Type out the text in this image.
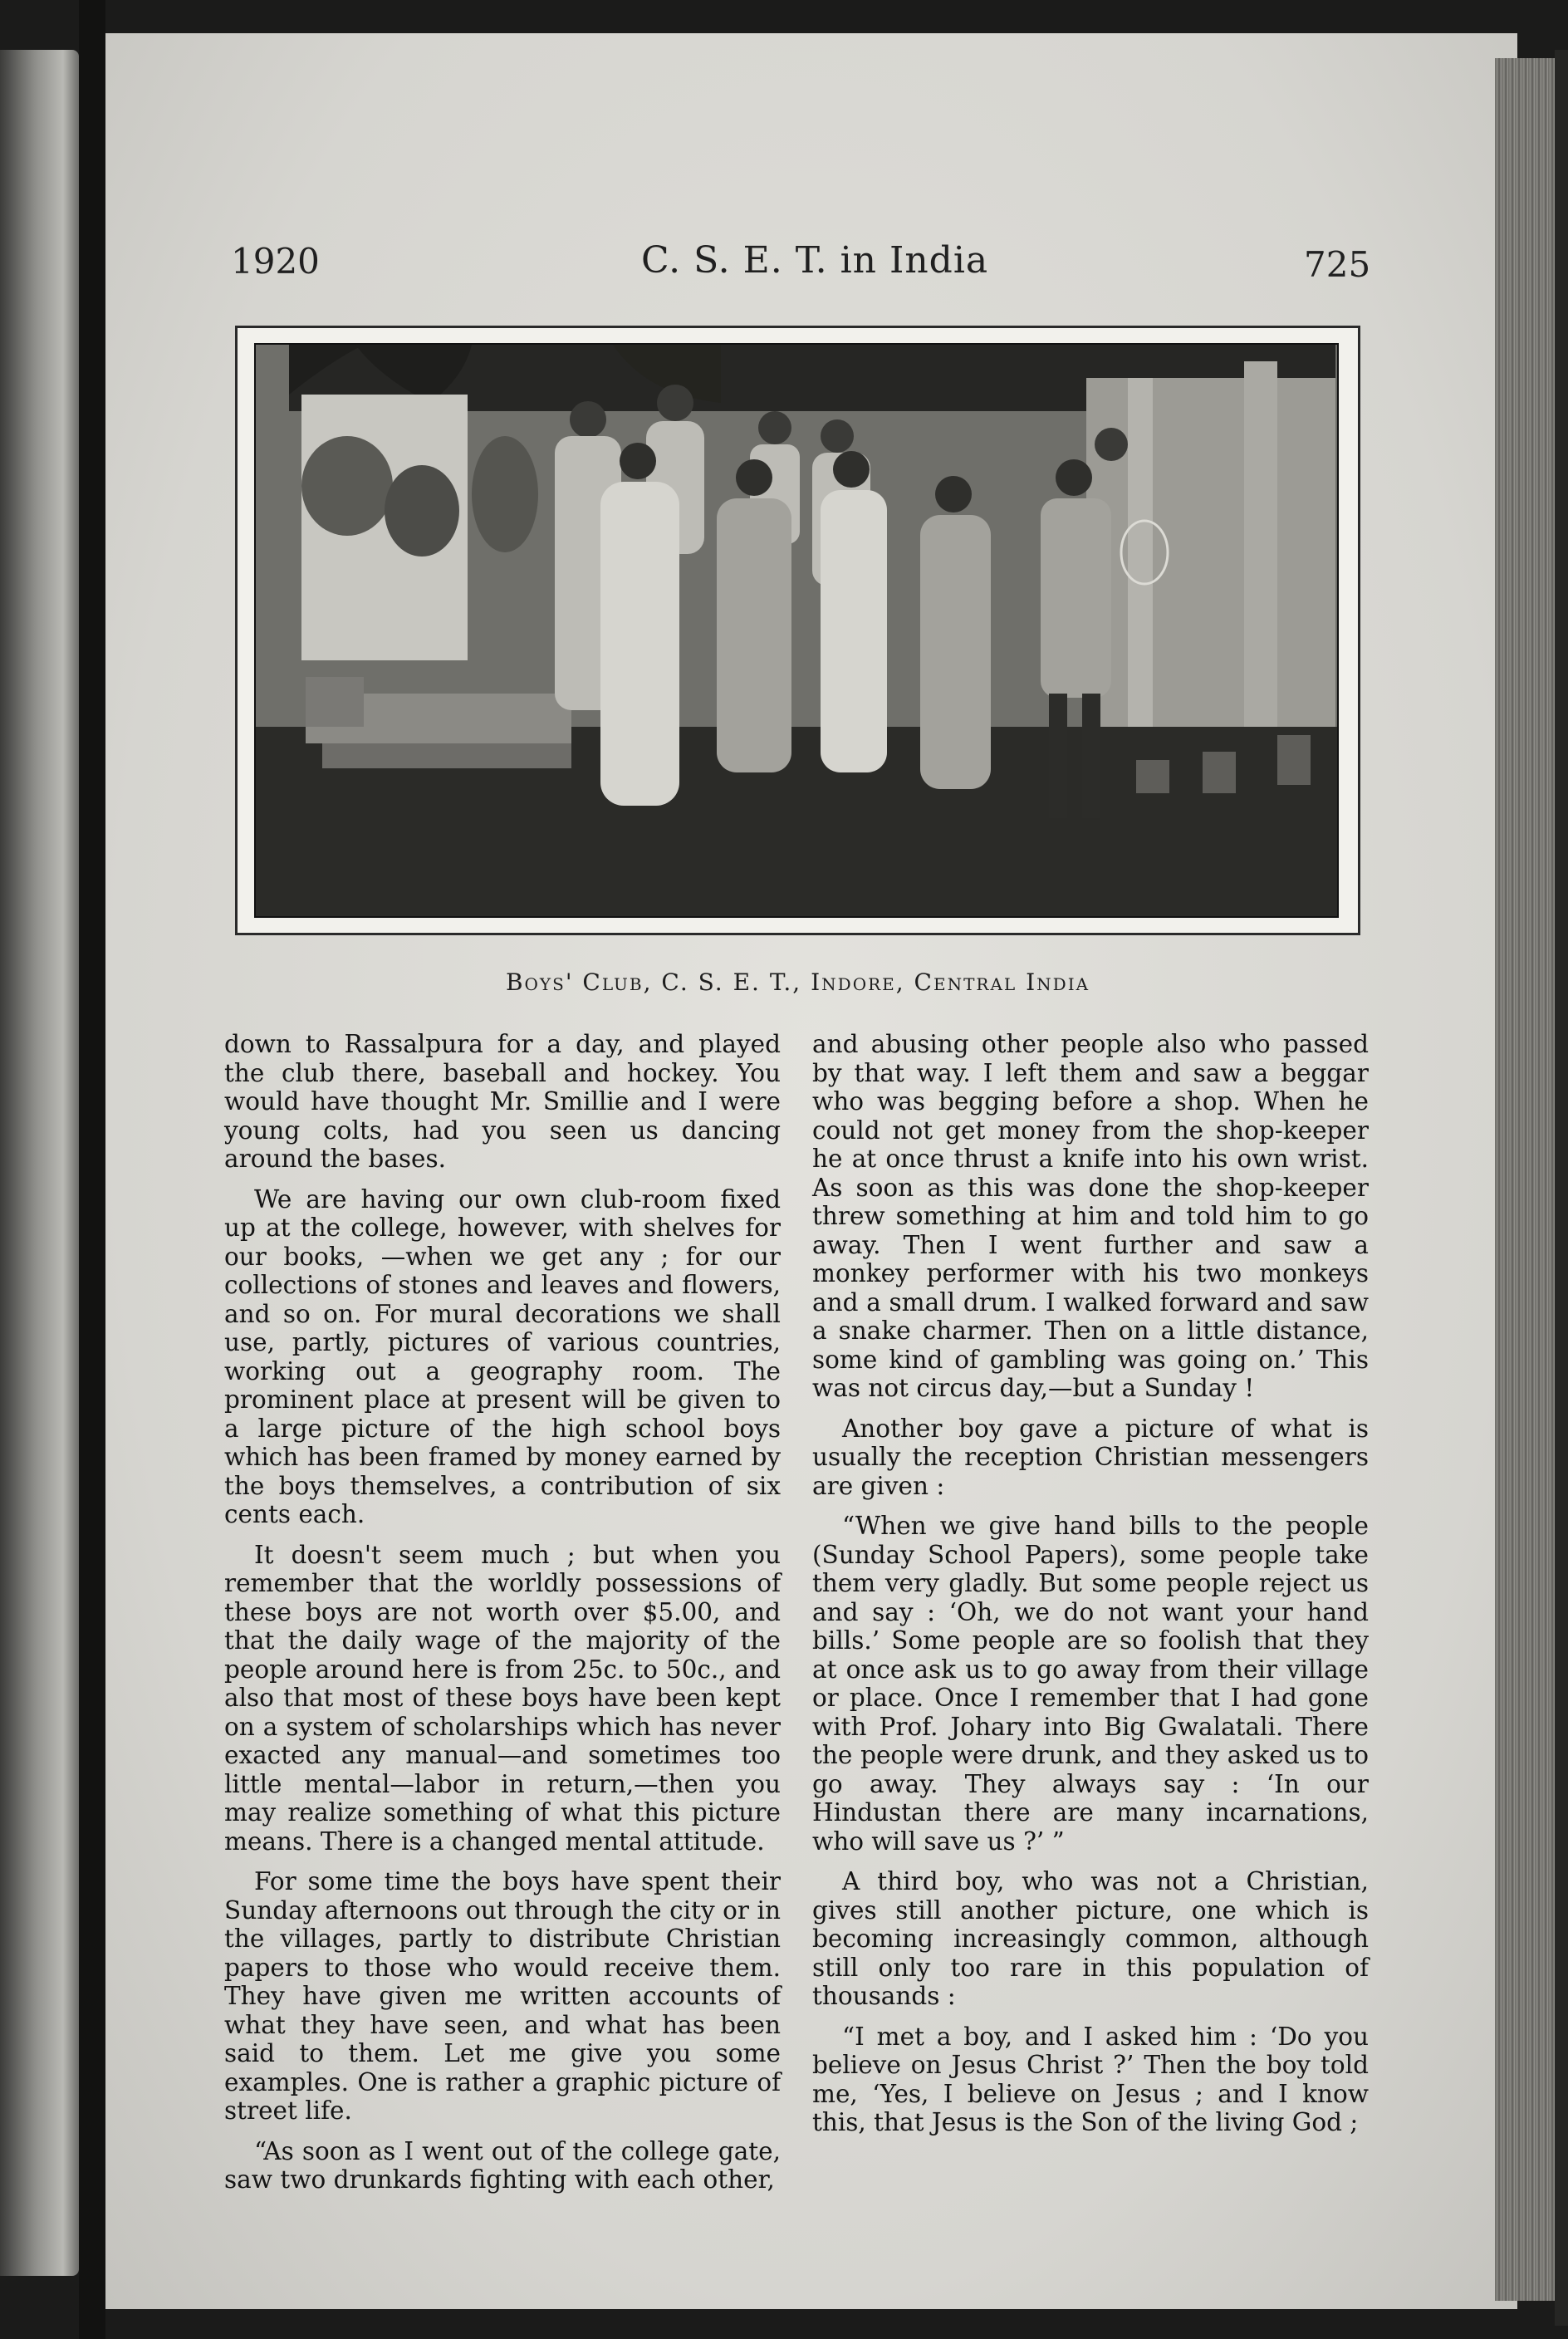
1920	C. S. E. T. in India	725
Boys' Club, C. S. E. T., Indore, Central India

down to Rassalpura for a day, and played the club there, baseball and hockey. You would have thought Mr. Smillie and I were young colts, had you seen us dancing around the bases.

We are having our own club-room fixed up at the college, however, with shelves for our books, —when we get any ; for our collections of stones and leaves and flowers, and so on. For mural decorations we shall use, partly, pictures of various countries, working out a geography room. The prominent place at present will be given to a large picture of the high school boys which has been framed by money earned by the boys themselves, a contribution of six cents each.

It doesn't seem much ; but when you remember that the worldly possessions of these boys are not worth over $5.00, and that the daily wage of the majority of the people around here is from 25c. to 50c., and also that most of these boys have been kept on a system of scholarships which has never exacted any manual—and sometimes too little mental—labor in return,—then you may realize something of what this picture means. There is a changed mental attitude.

For some time the boys have spent their Sunday afternoons out through the city or in the villages, partly to distribute Christian papers to those who would receive them. They have given me written accounts of what they have seen, and what has been said to them. Let me give you some examples. One is rather a graphic picture of street life.

“As soon as I went out of the college gate, saw two drunkards fighting with each other,

and abusing other people also who passed by that way. I left them and saw a beggar who was begging before a shop. When he could not get money from the shop-keeper he at once thrust a knife into his own wrist. As soon as this was done the shop-keeper threw something at him and told him to go away. Then I went further and saw a monkey performer with his two monkeys and a small drum. I walked forward and saw a snake charmer. Then on a little distance, some kind of gambling was going on.’ This was not circus day,—but a Sunday !

Another boy gave a picture of what is usually the reception Christian messengers are given :

“When we give hand bills to the people (Sunday School Papers), some people take them very gladly. But some people reject us and say : ‘Oh, we do not want your hand bills.’ Some people are so foolish that they at once ask us to go away from their village or place. Once I remember that I had gone with Prof. Johary into Big Gwalatali. There the people were drunk, and they asked us to go away. They always say : ‘In our Hindustan there are many incarnations, who will save us ?’ ”

A third boy, who was not a Christian, gives still another picture, one which is becoming increasingly common, although still only too rare in this population of thousands :

“I met a boy, and I asked him : ‘Do you believe on Jesus Christ ?’ Then the boy told me, ‘Yes, I believe on Jesus ; and I know this, that Jesus is the Son of the living God ;
